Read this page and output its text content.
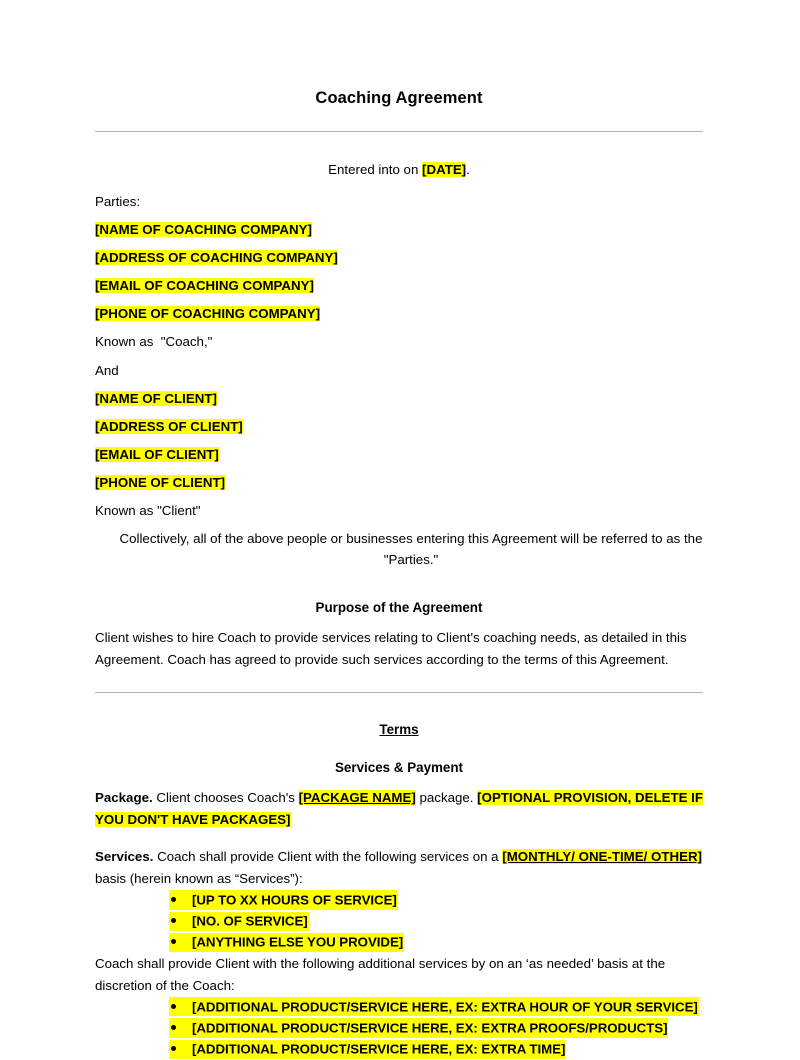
Coaching Agreement

Entered into on [DATE].

Parties:

[NAME OF COACHING COMPANY]

[ADDRESS OF COACHING COMPANY]

[EMAIL OF COACHING COMPANY]

[PHONE OF COACHING COMPANY]

Known as  "Coach,"

And

[NAME OF CLIENT]

[ADDRESS OF CLIENT]

[EMAIL OF CLIENT]

[PHONE OF CLIENT]

Known as "Client"

Collectively, all of the above people or businesses entering this Agreement will be referred to as the "Parties."

Purpose of the Agreement

Client wishes to hire Coach to provide services relating to Client's coaching needs, as detailed in this Agreement. Coach has agreed to provide such services according to the terms of this Agreement.

Terms

Services & Payment

Package. Client chooses Coach's [PACKAGE NAME] package. [OPTIONAL PROVISION, DELETE IF YOU DON'T HAVE PACKAGES]

Services. Coach shall provide Client with the following services on a [MONTHLY/ ONE-TIME/ OTHER] basis (herein known as “Services”):

[UP TO XX HOURS OF SERVICE]
[NO. OF SERVICE]
[ANYTHING ELSE YOU PROVIDE]

Coach shall provide Client with the following additional services by on an ‘as needed’ basis at the discretion of the Coach:

[ADDITIONAL PRODUCT/SERVICE HERE, EX: EXTRA HOUR OF YOUR SERVICE]
[ADDITIONAL PRODUCT/SERVICE HERE, EX: EXTRA PROOFS/PRODUCTS]
[ADDITIONAL PRODUCT/SERVICE HERE, EX: EXTRA TIME]
